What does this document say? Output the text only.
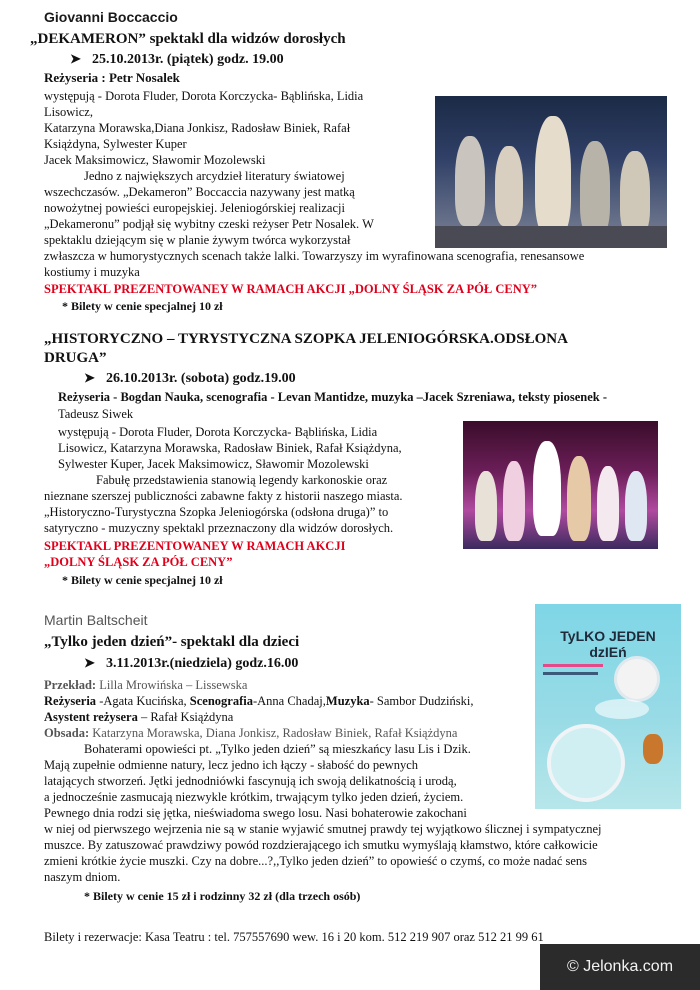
Giovanni Boccaccio
„DEKAMERON” spektakl dla widzów dorosłych
➤ 25.10.2013r. (piątek) godz. 19.00
Reżyseria : Petr Nosalek
występują - Dorota Fluder, Dorota Korczycka- Bąblińska, Lidia
Lisowicz,
Katarzyna Morawska,Diana Jonkisz, Radosław Biniek, Rafał
Książdyna, Sylwester Kuper
Jacek Maksimowicz, Sławomir Mozolewski
Jedno z największych arcydzieł literatury światowej
wszechczasów. „Dekameron” Boccaccia nazywany jest matką
nowożytnej powieści europejskiej. Jeleniogórskiej realizacji
„Dekameronu” podjął się wybitny czeski reżyser Petr Nosalek. W
spektaklu dziejącym się w planie żywym twórca wykorzystał
zwłaszcza w humorystycznych scenach także lalki. Towarzyszy im wyrafinowana scenografia, renesansowe
kostiumy i muzyka
SPEKTAKL PREZENTOWANEY W RAMACH AKCJI „DOLNY ŚLĄSK ZA PÓŁ CENY”
* Bilety w cenie specjalnej 10 zł
„HISTORYCZNO – TYRYSTYCZNA SZOPKA JELENIOGÓRSKA.ODSŁONA
DRUGA”
➤ 26.10.2013r. (sobota) godz.19.00
Reżyseria - Bogdan Nauka, scenografia - Levan Mantidze, muzyka –Jacek Szreniawa, teksty piosenek -
Tadeusz Siwek
występują - Dorota Fluder, Dorota Korczycka- Bąblińska, Lidia
Lisowicz, Katarzyna Morawska, Radosław Biniek, Rafał Książdyna,
Sylwester Kuper, Jacek Maksimowicz, Sławomir Mozolewski
Fabułę przedstawienia stanowią legendy karkonoskie oraz
nieznane szerszej publiczności zabawne fakty z historii naszego miasta.
„Historyczno-Turystyczna Szopka Jeleniogórska (odsłona druga)” to
satyryczno - muzyczny spektakl przeznaczony dla widzów dorosłych.
SPEKTAKL PREZENTOWANEY W RAMACH AKCJI
„DOLNY ŚLĄSK ZA PÓŁ CENY”
* Bilety w cenie specjalnej 10 zł
Martin Baltscheit
„Tylko jeden dzień”- spektakl dla dzieci
➤ 3.11.2013r.(niedziela) godz.16.00
Przekład: Lilla Mrowińska – Lissewska
Reżyseria -Agata Kucińska, Scenografia-Anna Chadaj,Muzyka- Sambor Dudziński,
Asystent reżysera – Rafał Książdyna
Obsada: Katarzyna Morawska, Diana Jonkisz, Radosław Biniek, Rafał Książdyna
Bohaterami opowieści pt. „Tylko jeden dzień” są mieszkańcy lasu Lis i Dzik.
Mają zupełnie odmienne natury, lecz jedno ich łączy - słabość do pewnych
latających stworzeń. Jętki jednodniówki fascynują ich swoją delikatnością i urodą,
a jednocześnie zasmucają niezwykle krótkim, trwającym tylko jeden dzień, życiem.
Pewnego dnia rodzi się jętka, nieświadoma swego losu. Nasi bohaterowie zakochani
w niej od pierwszego wejrzenia nie są w stanie wyjawić smutnej prawdy tej wyjątkowo ślicznej i sympatycznej
muszce. By zatuszować prawdziwy powód rozdzierającego ich smutku wymyślają kłamstwo, które całkowicie
zmieni krótkie życie muszki. Czy na dobre...?,,Tylko jeden dzień” to opowieść o czymś, co może nadać sens
naszym dniom.
* Bilety w cenie 15 zł i rodzinny 32 zł (dla trzech osób)
TyLKO JEDEN dzIEń
Bilety i rezerwacje: Kasa Teatru : tel. 757557690 wew. 16 i 20 kom. 512 219 907 oraz 512 21 99 61
© Jelonka.com
